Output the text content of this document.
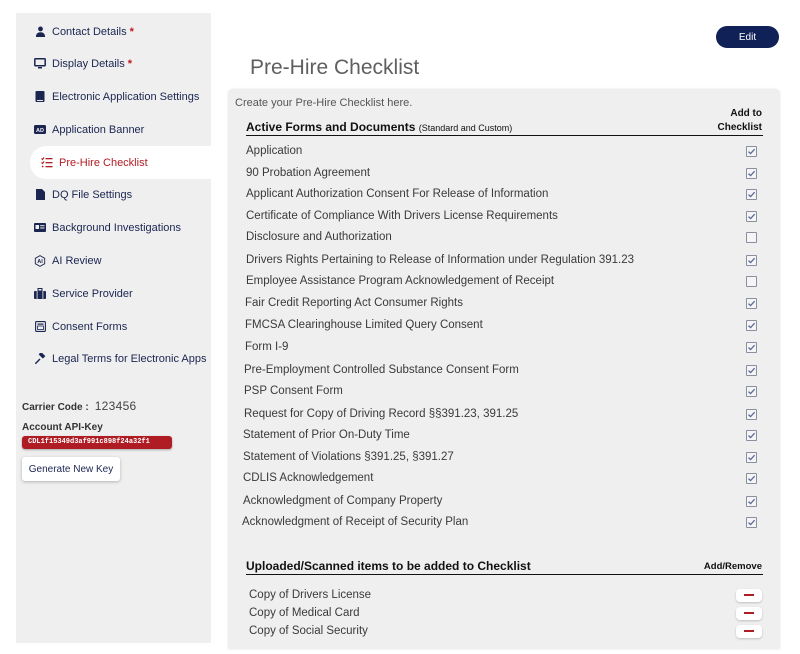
Contact Details *
Display Details *
Electronic Application Settings
AD Application Banner
Pre-Hire Checklist
DQ File Settings
Background Investigations
AI AI Review
Service Provider
Consent Forms
Legal Terms for Electronic Apps
Carrier Code : 123456
Account API-Key
CDL1f15349d3af991c898f24a32f1
Generate New Key
Edit
Pre-Hire Checklist
Create your Pre-Hire Checklist here.
Add to
Checklist
Active Forms and Documents (Standard and Custom)
Application
90 Probation Agreement
Applicant Authorization Consent For Release of Information
Certificate of Compliance With Drivers License Requirements
Disclosure and Authorization
Drivers Rights Pertaining to Release of Information under Regulation 391.23
Employee Assistance Program Acknowledgement of Receipt
Fair Credit Reporting Act Consumer Rights
FMCSA Clearinghouse Limited Query Consent
Form I-9
Pre-Employment Controlled Substance Consent Form
PSP Consent Form
Request for Copy of Driving Record §§391.23, 391.25
Statement of Prior On-Duty Time
Statement of Violations §391.25, §391.27
CDLIS Acknowledgement
Acknowledgment of Company Property
Acknowledgment of Receipt of Security Plan
Uploaded/Scanned items to be added to Checklist	Add/Remove
Copy of Drivers License
Copy of Medical Card
Copy of Social Security
